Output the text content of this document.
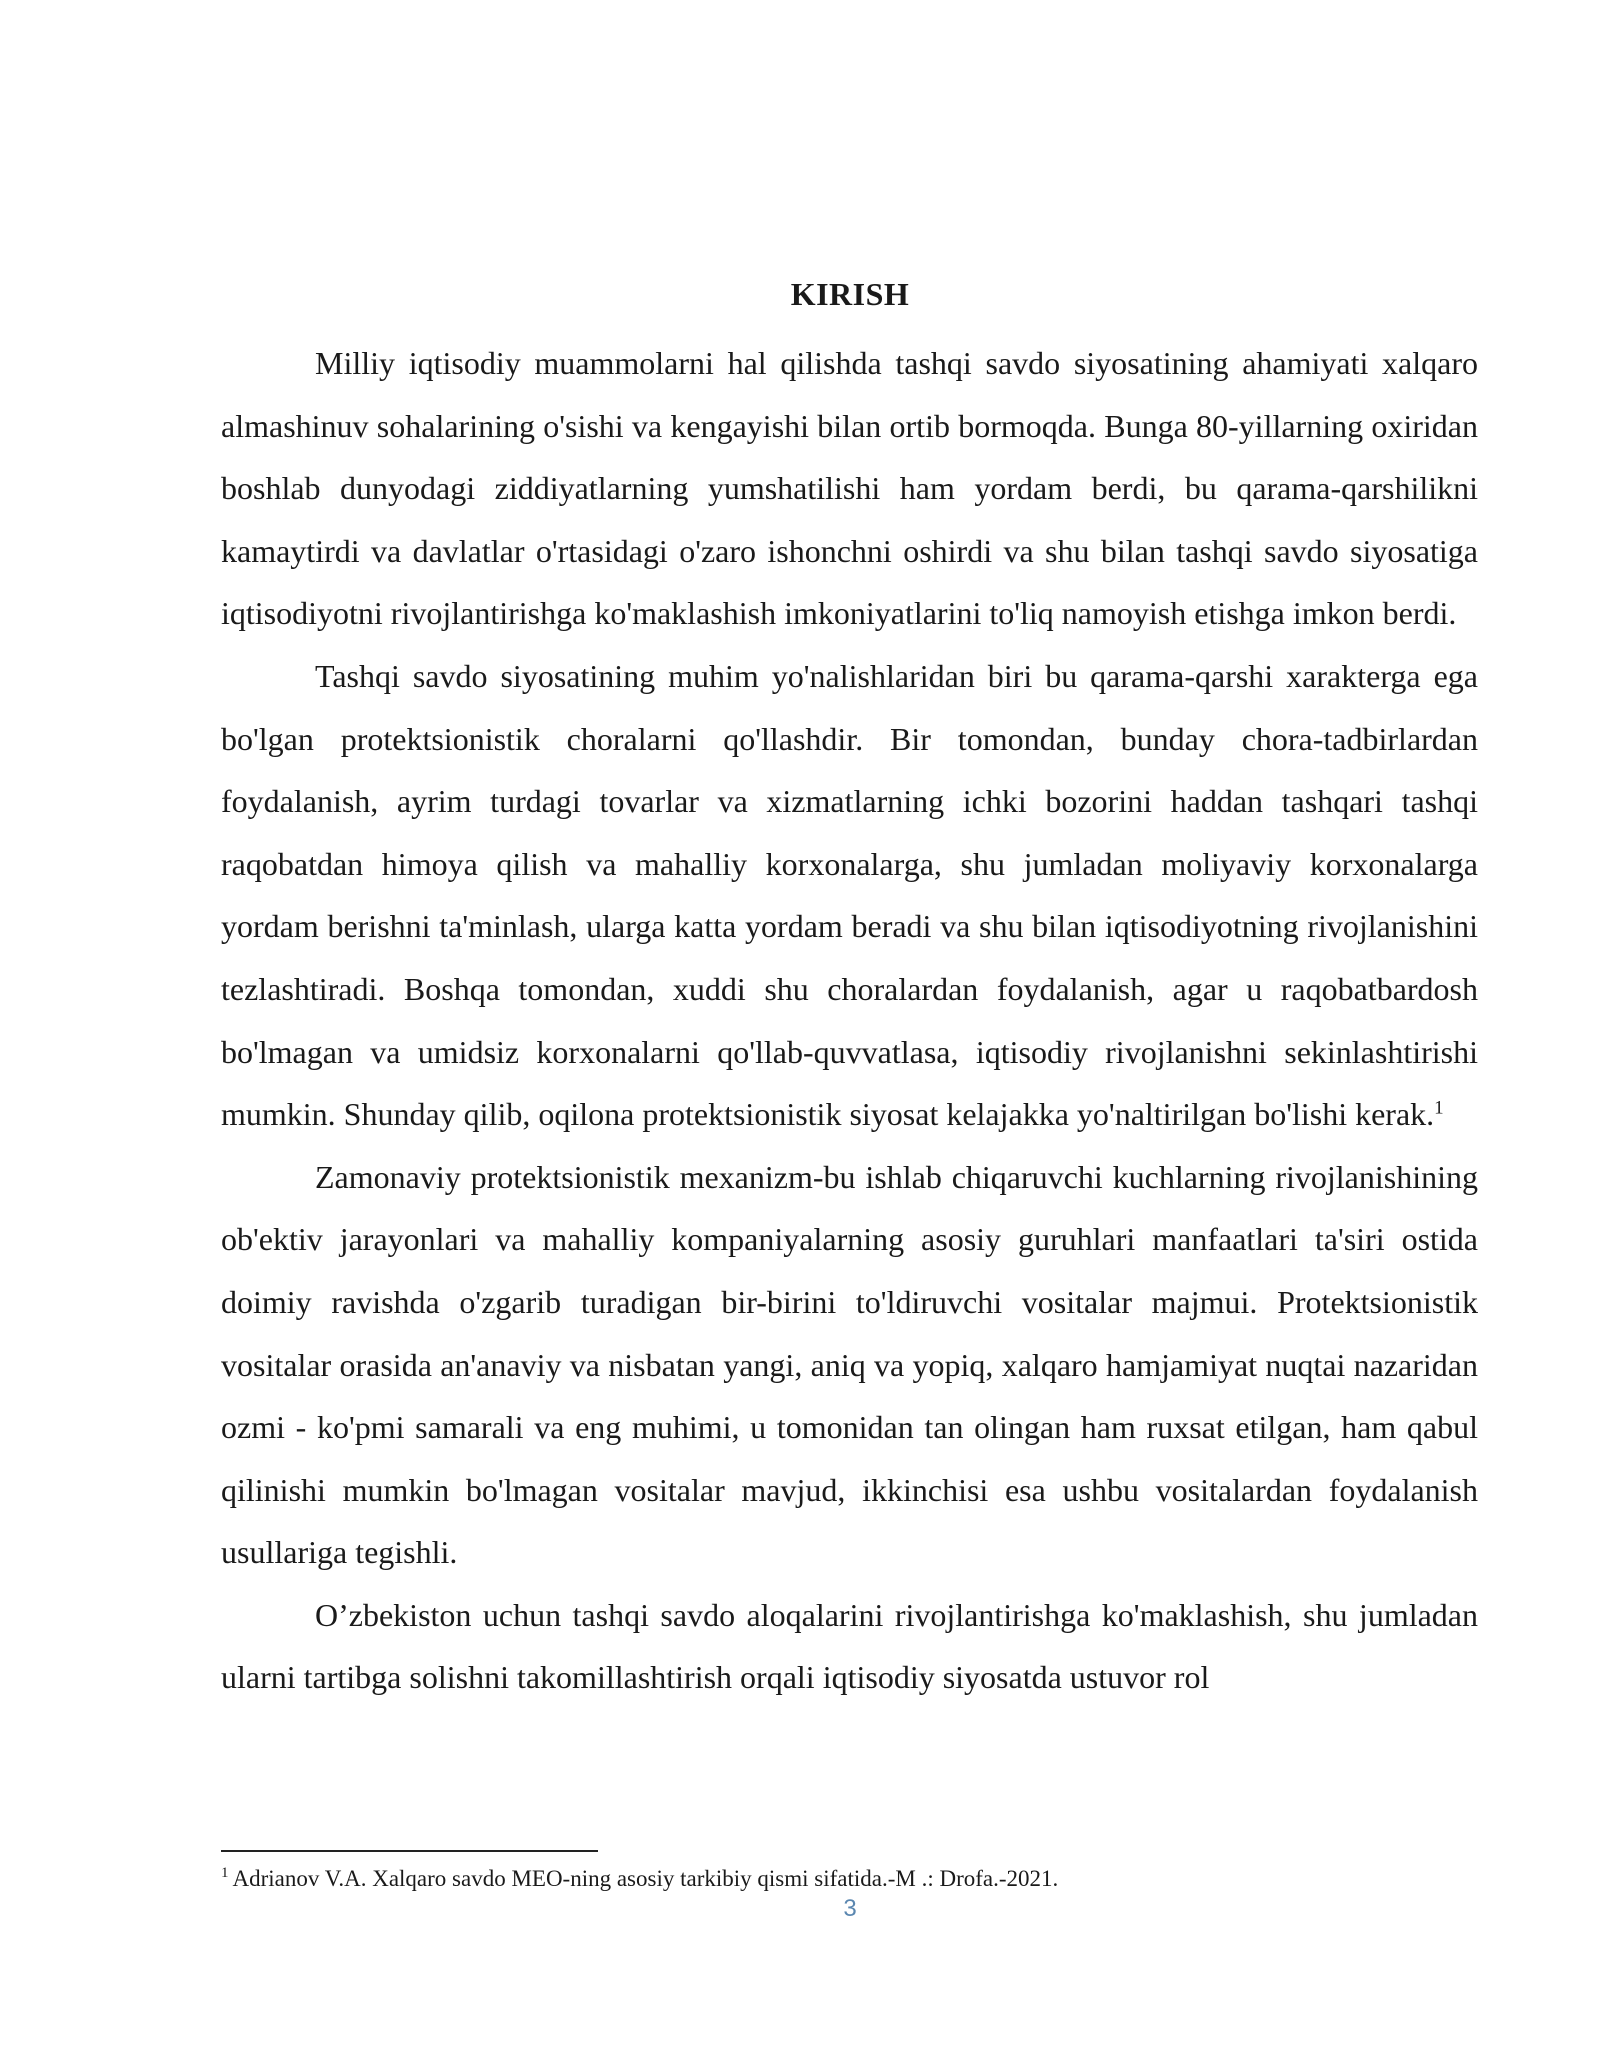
KIRISH

Milliy iqtisodiy muammolarni hal qilishda tashqi savdo siyosatining ahamiyati xalqaro almashinuv sohalarining o'sishi va kengayishi bilan ortib bormoqda. Bunga 80-yillarning oxiridan boshlab dunyodagi ziddiyatlarning yumshatilishi ham yordam berdi, bu qarama-qarshilikni kamaytirdi va davlatlar o'rtasidagi o'zaro ishonchni oshirdi va shu bilan tashqi savdo siyosatiga iqtisodiyotni rivojlantirishga ko'maklashish imkoniyatlarini to'liq namoyish etishga imkon berdi.

Tashqi savdo siyosatining muhim yo'nalishlaridan biri bu qarama-qarshi xarakterga ega bo'lgan protektsionistik choralarni qo'llashdir. Bir tomondan, bunday chora-tadbirlardan foydalanish, ayrim turdagi tovarlar va xizmatlarning ichki bozorini haddan tashqari tashqi raqobatdan himoya qilish va mahalliy korxonalarga, shu jumladan moliyaviy korxonalarga yordam berishni ta'minlash, ularga katta yordam beradi va shu bilan iqtisodiyotning rivojlanishini tezlashtiradi. Boshqa tomondan, xuddi shu choralardan foydalanish, agar u raqobatbardosh bo'lmagan va umidsiz korxonalarni qo'llab-quvvatlasa, iqtisodiy rivojlanishni sekinlashtirishi mumkin. Shunday qilib, oqilona protektsionistik siyosat kelajakka yo'naltirilgan bo'lishi kerak.$^1$

Zamonaviy protektsionistik mexanizm-bu ishlab chiqaruvchi kuchlarning rivojlanishining ob'ektiv jarayonlari va mahalliy kompaniyalarning asosiy guruhlari manfaatlari ta'siri ostida doimiy ravishda o'zgarib turadigan bir-birini to'ldiruvchi vositalar majmui. Protektsionistik vositalar orasida an'anaviy va nisbatan yangi, aniq va yopiq, xalqaro hamjamiyat nuqtai nazaridan ozmi - ko'pmi samarali va eng muhimi, u tomonidan tan olingan ham ruxsat etilgan, ham qabul qilinishi mumkin bo'lmagan vositalar mavjud, ikkinchisi esa ushbu vositalardan foydalanish usullariga tegishli.

O’zbekiston uchun tashqi savdo aloqalarini rivojlantirishga ko'maklashish, shu jumladan ularni tartibga solishni takomillashtirish orqali iqtisodiy siyosatda ustuvor rol

$^1$ Adrianov V.A. Xalqaro savdo MEO-ning asosiy tarkibiy qismi sifatida.-M .: Drofa.-2021.
3
